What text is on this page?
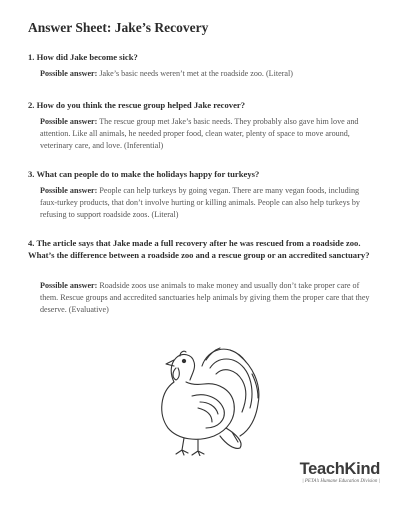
Answer Sheet: Jake’s Recovery
1. How did Jake become sick?
Possible answer: Jake’s basic needs weren’t met at the roadside zoo. (Literal)
2. How do you think the rescue group helped Jake recover?
Possible answer: The rescue group met Jake’s basic needs. They probably also gave him love and attention. Like all animals, he needed proper food, clean water, plenty of space to move around, veterinary care, and love. (Inferential)
3. What can people do to make the holidays happy for turkeys?
Possible answer: People can help turkeys by going vegan. There are many vegan foods, including faux-turkey products, that don’t involve hurting or killing animals. People can also help turkeys by refusing to support roadside zoos. (Literal)
4. The article says that Jake made a full recovery after he was rescued from a roadside zoo. What’s the difference between a roadside zoo and a rescue group or an accredited sanctuary?
Possible answer: Roadside zoos use animals to make money and usually don’t take proper care of them. Rescue groups and accredited sanctuaries help animals by giving them the proper care that they deserve. (Evaluative)
TeachKind
| PETA’s Humane Education Division |
